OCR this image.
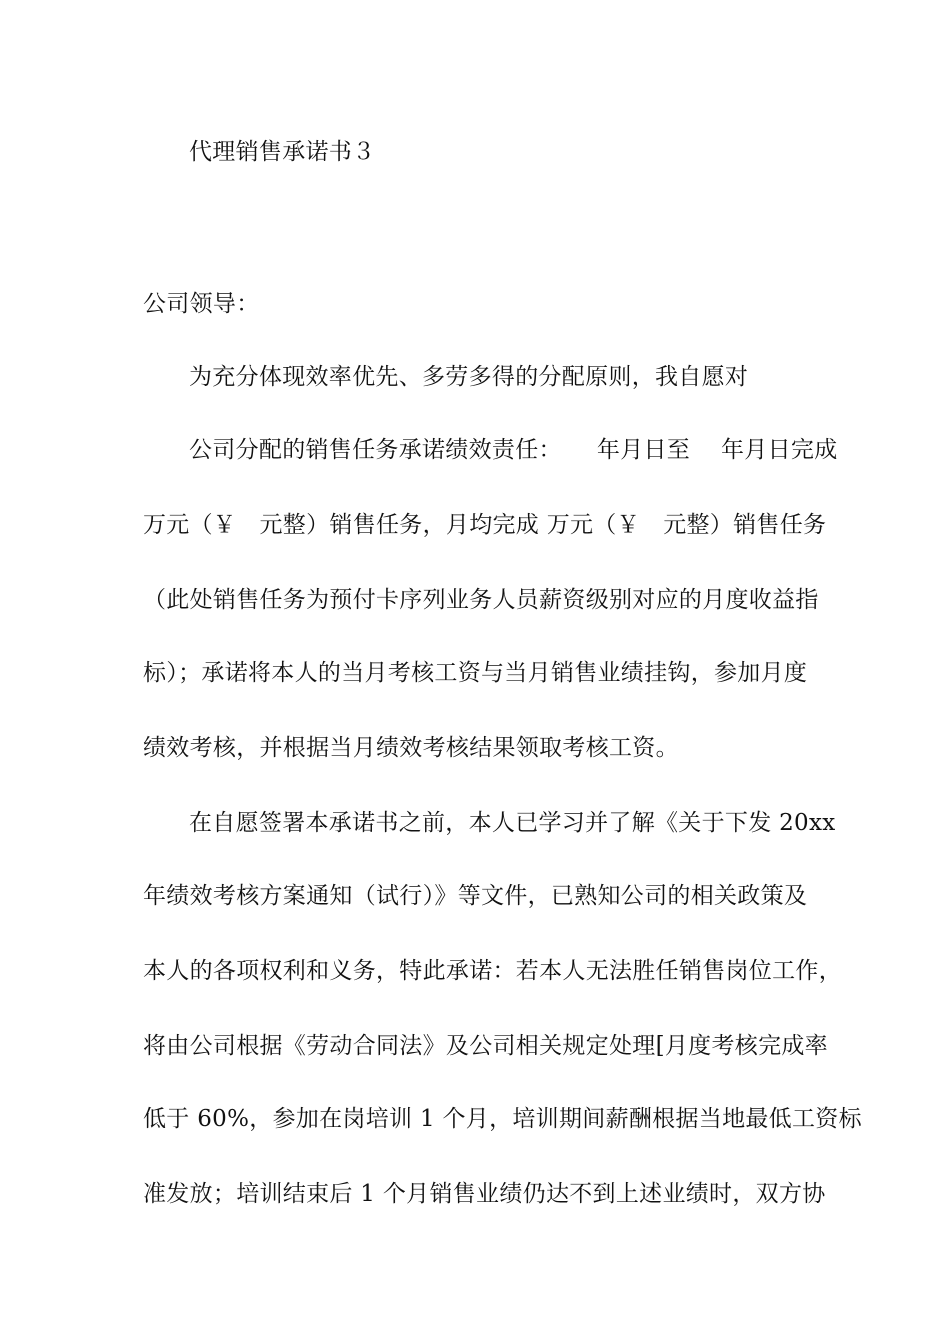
代理销售承诺书３
公司领导：
为充分体现效率优先、多劳多得的分配原则，我自愿对
公司分配的销售任务承诺绩效责任：　　年月日至　 年月日完成
万元（￥　元整）销售任务，月均完成 万元（￥　元整）销售任务
（此处销售任务为预付卡序列业务人员薪资级别对应的月度收益指
标）；承诺将本人的当月考核工资与当月销售业绩挂钩，参加月度
绩效考核，并根据当月绩效考核结果领取考核工资。
在自愿签署本承诺书之前，本人已学习并了解《关于下发 20xx
年绩效考核方案通知（试行）》等文件，已熟知公司的相关政策及
本人的各项权利和义务，特此承诺：若本人无法胜任销售岗位工作，
将由公司根据《劳动合同法》及公司相关规定处理[月度考核完成率
低于 60%，参加在岗培训 1 个月，培训期间薪酬根据当地最低工资标
准发放；培训结束后 1 个月销售业绩仍达不到上述业绩时，双方协
